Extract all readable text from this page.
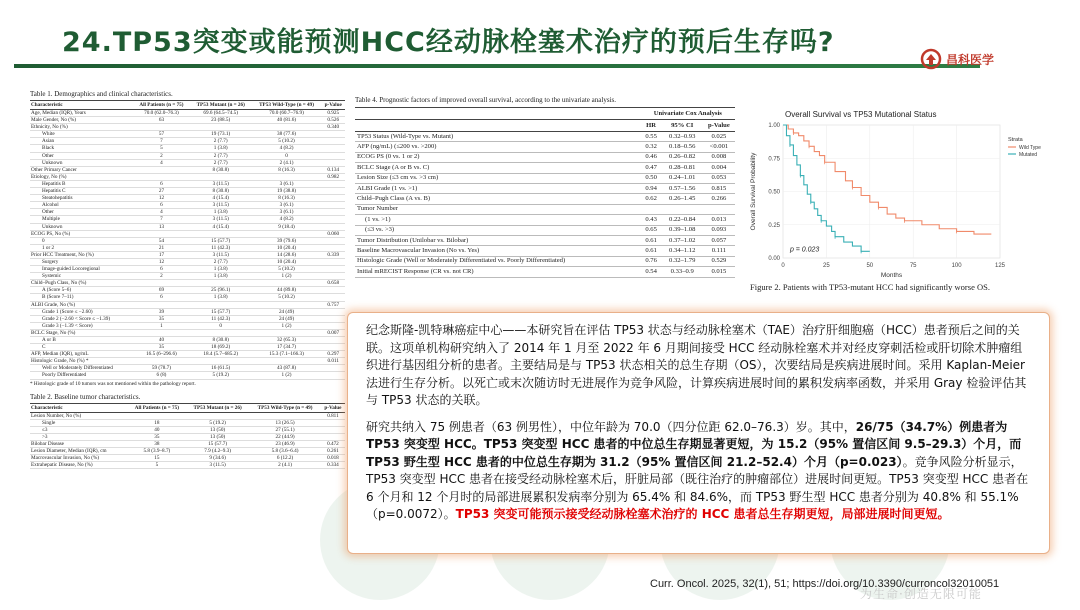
24.TP53突变或能预测HCC经动脉栓塞术治疗的预后生存吗?
昌科医学
Table 1. Demographics and clinical characteristics.
Characteristic	All Patients (n = 75)	TP53 Mutant (n = 26)	TP53 Wild-Type (n = 49)	p-Value
Age, Median (IQR), Years	70.0 (62.0–76.3)	69.6 (64.5–74.5)	70.0 (60.7–76.9)	0.925
Male Gender, No (%)	63	23 (88.5)	40 (81.6)	0.526
Ethnicity, No (%)				0.340
White	57	19 (73.1)	38 (77.6)	
Asian	7	2 (7.7)	5 (10.2)	
Black	5	1 (3.8)	4 (8.2)	
Other	2	2 (7.7)	0	
Unknown	4	2 (7.7)	2 (4.1)	
Other Primary Cancer		8 (30.8)	8 (16.3)	0.134
Etiology, No (%)				0.982
Hepatitis B	6	3 (11.5)	3 (6.1)	
Hepatitis C	27	8 (30.8)	19 (38.8)	
Steatohepatitis	12	4 (15.4)	8 (16.3)	
Alcohol	6	3 (11.5)	3 (6.1)	
Other	4	1 (3.8)	3 (6.1)	
Multiple	7	3 (11.5)	4 (8.2)	
Unknown	13	4 (15.4)	9 (18.4)	
ECOG PS, No (%)				0.060
0	54	15 (57.7)	39 (79.6)	
1 or 2	21	11 (42.3)	10 (20.4)	
Prior HCC Treatment, No (%)	17	3 (11.5)	14 (28.6)	0.339
Surgery	12	2 (7.7)	10 (20.4)	
Image-guided Locoregional	6	1 (3.8)	5 (10.2)	
Systemic	2	1 (3.8)	1 (2)	
Child–Pugh Class, No (%)				0.658
A (Score 5–6)	69	25 (96.1)	44 (89.8)	
B (Score 7–11)	6	1 (3.8)	5 (10.2)	
ALBI Grade, No (%)				0.757
Grade 1 (Score ≤ −2.60)	39	15 (57.7)	24 (49)	
Grade 2 (−2.60 < Score ≤ −1.39)	35	11 (42.3)	24 (49)	
Grade 3 (−1.39 < Score)	1	0	1 (2)	
BCLC Stage, No (%)				0.007
A or B	40	8 (30.8)	32 (65.3)	
C	35	18 (69.2)	17 (34.7)	
AFP, Median (IQR), ng/mL	16.5 (6–296.6)	18.4 (5.7–685.2)	15.3 (7.1–166.3)	0.297
Histologic Grade, No (%) *				0.011
Well or Moderately Differentiated	59 (78.7)	16 (61.5)	43 (87.8)	
Poorly Differentiated	6 (8)	5 (19.2)	1 (2)	
* Histologic grade of 10 tumors was not mentioned within the pathology report.
Table 2. Baseline tumor characteristics.
Characteristic	All Patients (n = 75)	TP53 Mutant (n = 26)	TP53 Wild-Type (n = 49)	p-Value
Lesion Number, No (%)				0.811
Single	18	5 (19.2)	13 (26.5)	
≤3	40	13 (50)	27 (55.1)	
>3	35	13 (50)	22 (44.9)	
Bilobar Disease	38	15 (57.7)	23 (46.9)	0.472
Lesion Diameter, Median (IQR), cm	5.8 (3.9–8.7)	7.9 (4.2–9.3)	5.8 (3.6–6.4)	0.261
Macrovascular Invasion, No (%)	15	9 (34.6)	6 (12.2)	0.018
Extrahepatic Disease, No (%)	5	3 (11.5)	2 (4.1)	0.334
Table 4. Prognostic factors of improved overall survival, according to the univariate analysis.
	Univariate Cox Analysis		
	HR	95% CI	p-Value
TP53 Status (Wild-Type vs. Mutant)	0.55	0.32–0.93	0.025
AFP (ng/mL) (≤200 vs. >200)	0.32	0.18–0.56	<0.001
ECOG PS (0 vs. 1 or 2)	0.46	0.26–0.82	0.008
BCLC Stage (A or B vs. C)	0.47	0.28–0.81	0.004
Lesion Size (≤3 cm vs. >3 cm)	0.50	0.24–1.01	0.053
ALBI Grade (1 vs. >1)	0.94	0.57–1.56	0.815
Child–Pugh Class (A vs. B)	0.62	0.26–1.45	0.266
Tumor Number			
(1 vs. >1)	0.43	0.22–0.84	0.013
(≤3 vs. >3)	0.65	0.39–1.08	0.093
Tumor Distribution (Unilobar vs. Bilobar)	0.61	0.37–1.02	0.057
Baseline Macrovascular Invasion (No vs. Yes)	0.61	0.34–1.12	0.111
Histologic Grade (Well or Moderately Differentiated vs. Poorly Differentiated)	0.76	0.32–1.79	0.529
Initial mRECIST Response (CR vs. not CR)	0.54	0.33–0.9	0.015
0	25	50	75	100	125
0.00
0.25
0.50
0.75
1.00
Overall Survival vs TP53 Mutational Status
Months
Overall Survival Probability
p = 0.023
Strata
Wild Type
Mutated
Figure 2. Patients with TP53-mutant HCC had significantly worse OS.

纪念斯隆-凯特琳癌症中心——本研究旨在评估 TP53 状态与经动脉栓塞术（TAE）治疗肝细胞癌（HCC）患者预后之间的关联。这项单机构研究纳入了 2014 年 1 月至 2022 年 6 月期间接受 HCC 经动脉栓塞术并对经皮穿刺活检或肝切除术肿瘤组织进行基因组分析的患者。主要结局是与 TP53 状态相关的总生存期（OS），次要结局是疾病进展时间。采用 Kaplan-Meier 法进行生存分析。以死亡或末次随访时无进展作为竞争风险，计算疾病进展时间的累积发病率函数，并采用 Gray 检验评估其与 TP53 状态的关联。

研究共纳入 75 例患者（63 例男性），中位年龄为 70.0（四分位距 62.0–76.3）岁。其中，26/75（34.7%）例患者为 TP53 突变型 HCC。TP53 突变型 HCC 患者的中位总生存期显著更短，为 15.2（95% 置信区间 9.5–29.3）个月，而 TP53 野生型 HCC 患者的中位总生存期为 31.2（95% 置信区间 21.2–52.4）个月（p=0.023）。竞争风险分析显示，TP53 突变型 HCC 患者在接受经动脉栓塞术后，肝脏局部（既往治疗的肿瘤部位）进展时间更短。TP53 突变型 HCC 患者在 6 个月和 12 个月时的局部进展累积发病率分别为 65.4% 和 84.6%，而 TP53 野生型 HCC 患者分别为 40.8% 和 55.1%（p=0.0072）。TP53 突变可能预示接受经动脉栓塞术治疗的 HCC 患者总生存期更短，局部进展时间更短。

Curr. Oncol. 2025, 32(1), 51; https://doi.org/10.3390/curroncol32010051
为生命·创造无限可能
